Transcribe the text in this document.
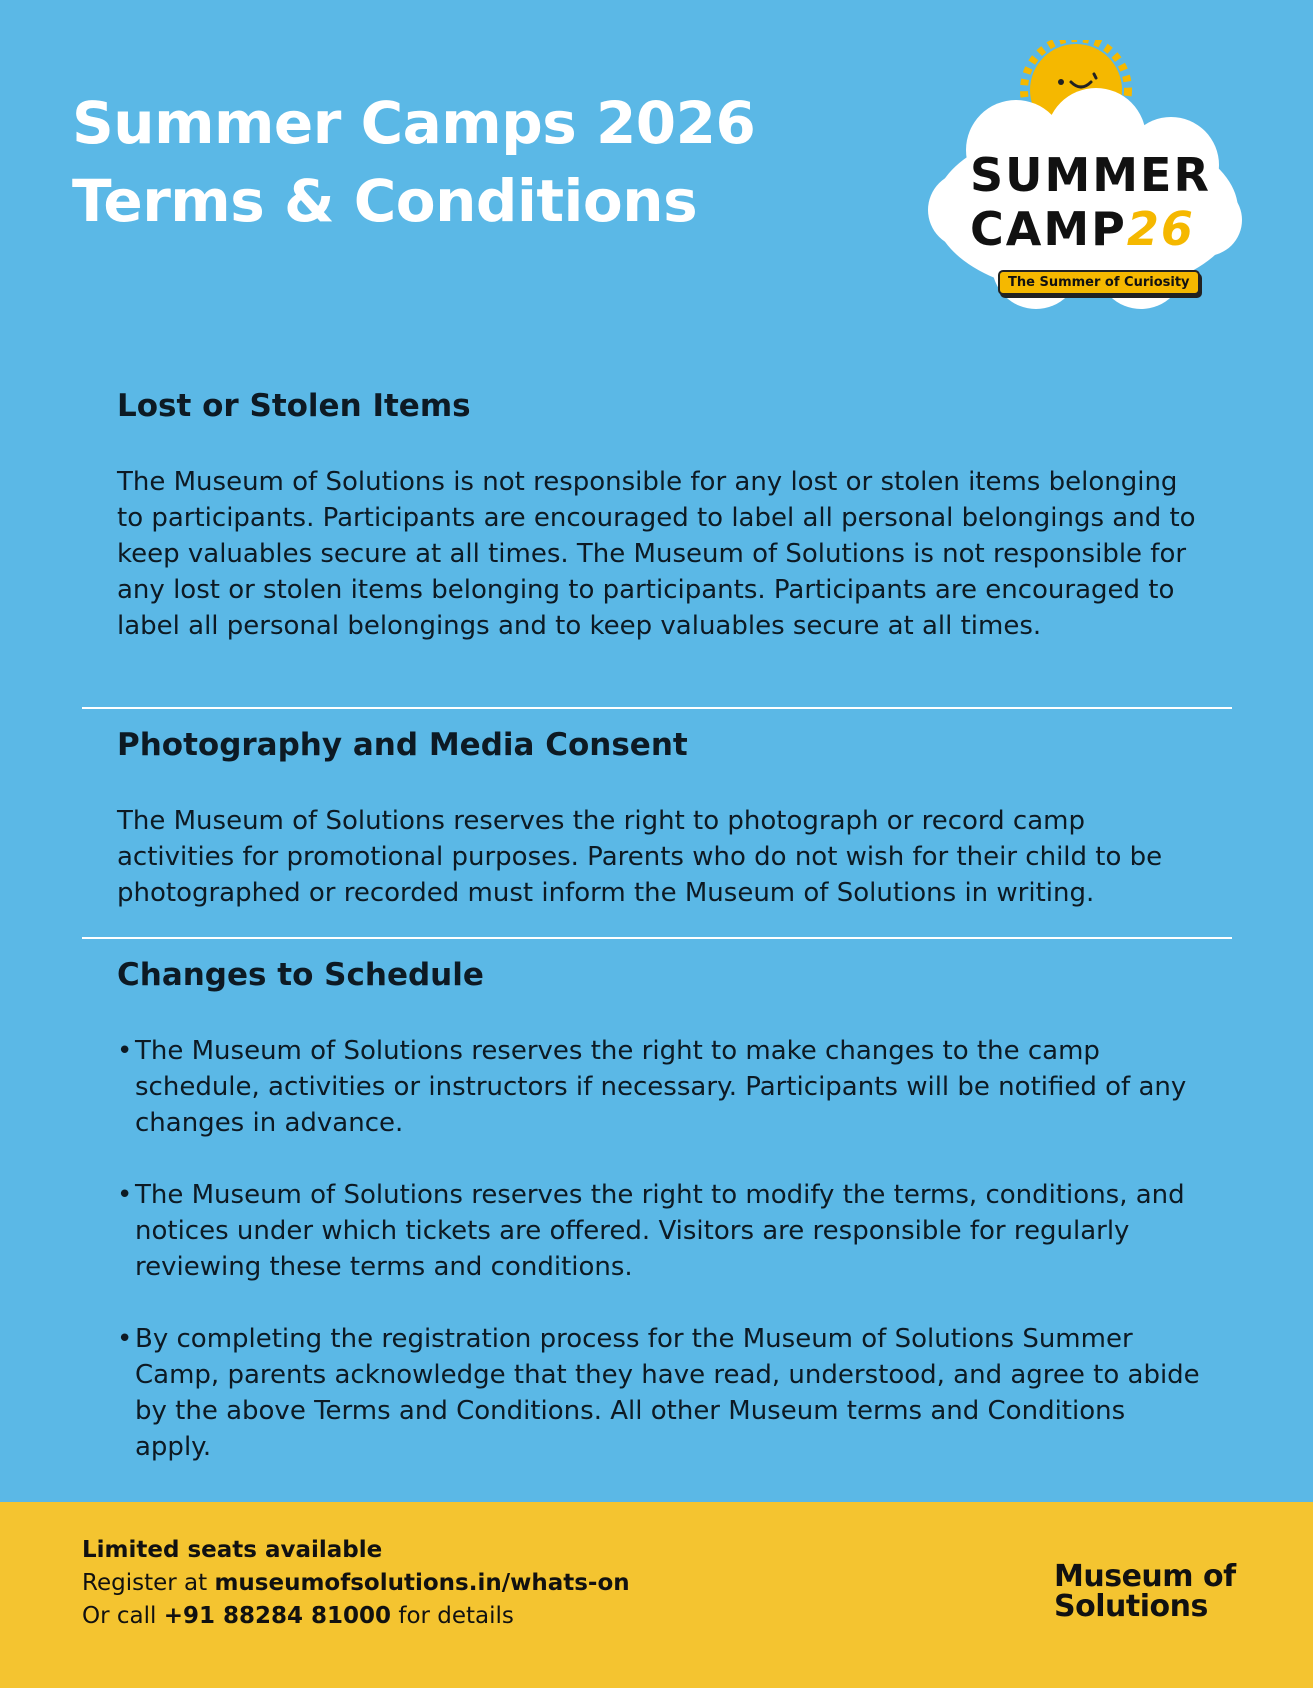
Summer Camps 2026
Terms & Conditions	SUMMER
CAMP26
The Summer of Curiosity
Lost or Stolen Items

The Museum of Solutions is not responsible for any lost or stolen items belonging to participants. Participants are encouraged to label all personal belongings and to keep valuables secure at all times. The Museum of Solutions is not responsible for any lost or stolen items belonging to participants. Participants are encouraged to label all personal belongings and to keep valuables secure at all times.

Photography and Media Consent

The Museum of Solutions reserves the right to photograph or record camp activities for promotional purposes. Parents who do not wish for their child to be photographed or recorded must inform the Museum of Solutions in writing.

Changes to Schedule
• The Museum of Solutions reserves the right to make changes to the camp schedule, activities or instructors if necessary. Participants will be notified of any changes in advance.
• The Museum of Solutions reserves the right to modify the terms, conditions, and notices under which tickets are offered. Visitors are responsible for regularly reviewing these terms and conditions.
• By completing the registration process for the Museum of Solutions Summer Camp, parents acknowledge that they have read, understood, and agree to abide by the above Terms and Conditions. All other Museum terms and Conditions apply.
Limited seats available
Register at museumofsolutions.in/whats-on
Or call +91 88284 81000 for details
Museum of
Solutions
